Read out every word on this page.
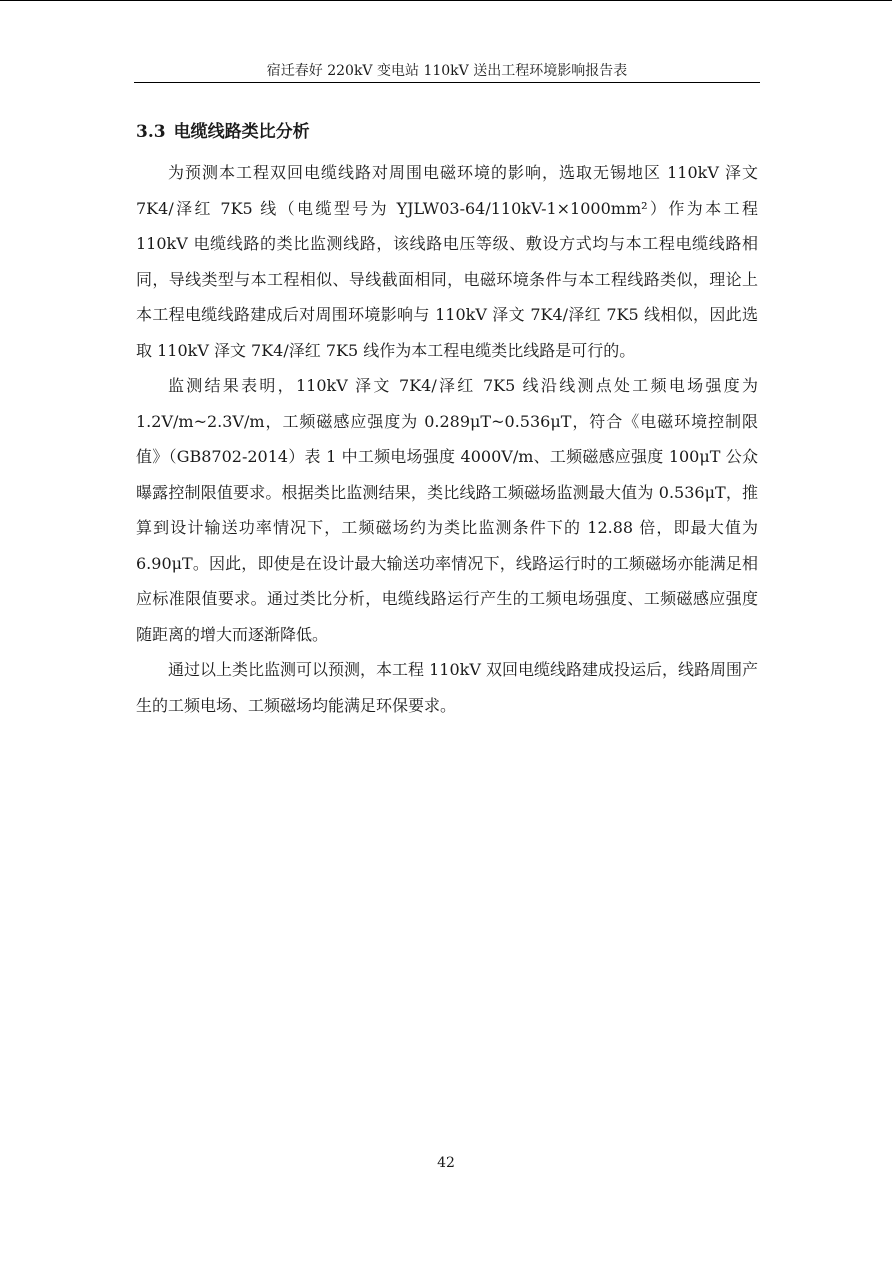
宿迁春好 220kV 变电站 110kV 送出工程环境影响报告表
3.3 电缆线路类比分析

为预测本工程双回电缆线路对周围电磁环境的影响，选取无锡地区 110kV 泽文 7K4/泽红 7K5 线（电缆型号为 YJLW03-64/110kV-1×1000mm²）作为本工程 110kV 电缆线路的类比监测线路，该线路电压等级、敷设方式均与本工程电缆线路相同，导线类型与本工程相似、导线截面相同，电磁环境条件与本工程线路类似，理论上本工程电缆线路建成后对周围环境影响与 110kV 泽文 7K4/泽红 7K5 线相似，因此选取 110kV 泽文 7K4/泽红 7K5 线作为本工程电缆类比线路是可行的。

监测结果表明，110kV 泽文 7K4/泽红 7K5 线沿线测点处工频电场强度为 1.2V/m~2.3V/m，工频磁感应强度为 0.289μT~0.536μT，符合《电磁环境控制限值》（GB8702-2014）表 1 中工频电场强度 4000V/m、工频磁感应强度 100μT 公众曝露控制限值要求。根据类比监测结果，类比线路工频磁场监测最大值为 0.536μT，推算到设计输送功率情况下，工频磁场约为类比监测条件下的 12.88 倍，即最大值为 6.90μT。因此，即使是在设计最大输送功率情况下，线路运行时的工频磁场亦能满足相应标准限值要求。通过类比分析，电缆线路运行产生的工频电场强度、工频磁感应强度随距离的增大而逐渐降低。

通过以上类比监测可以预测，本工程 110kV 双回电缆线路建成投运后，线路周围产生的工频电场、工频磁场均能满足环保要求。

42
